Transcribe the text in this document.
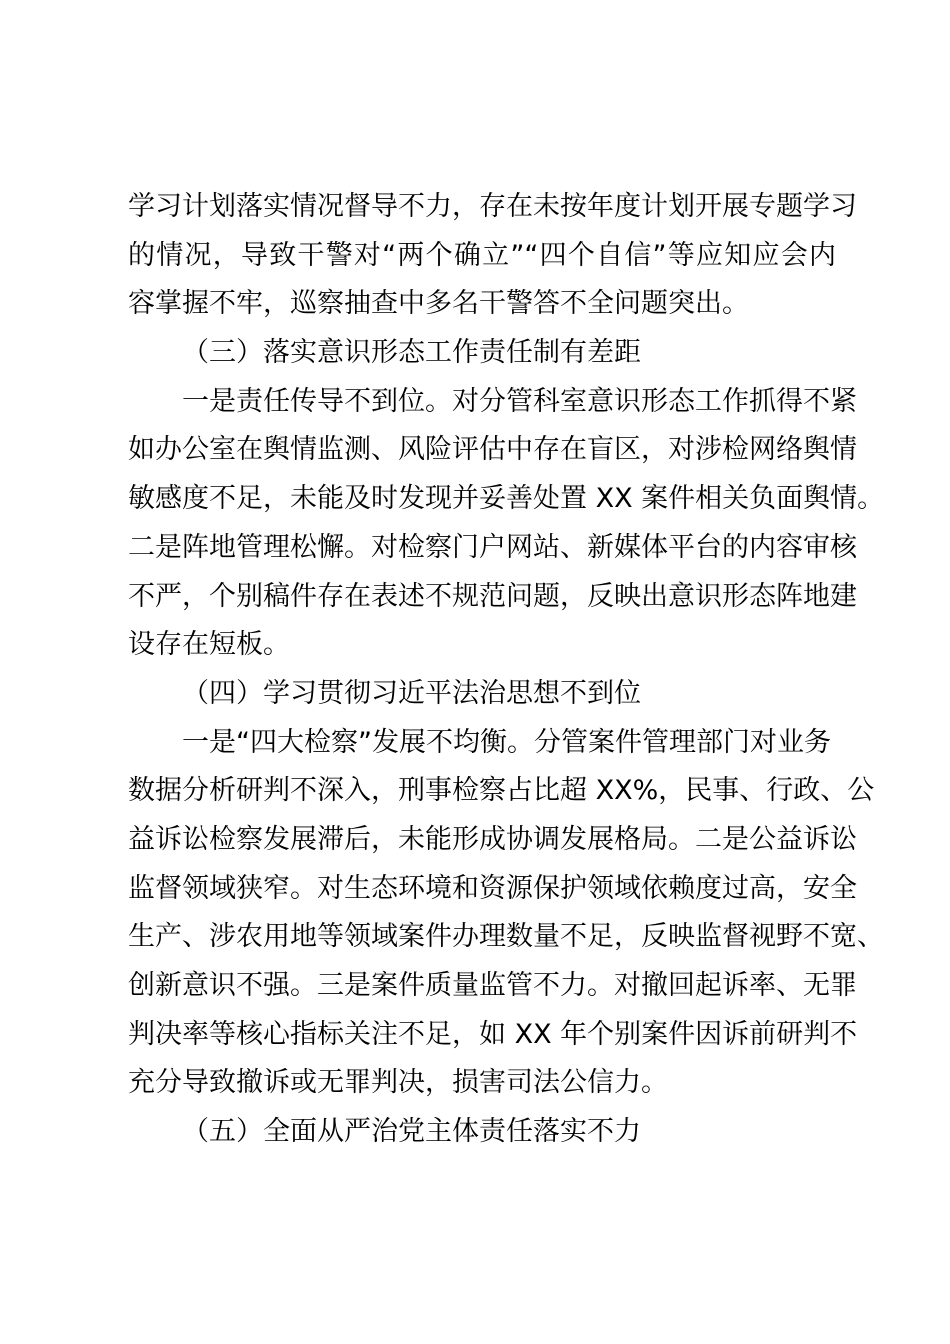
学习计划落实情况督导不力，存在未按年度计划开展专题学习
的情况，导致干警对“两个确立”“四个自信”等应知应会内
容掌握不牢，巡察抽查中多名干警答不全问题突出。
（三）落实意识形态工作责任制有差距
一是责任传导不到位。对分管科室意识形态工作抓得不紧
如办公室在舆情监测、风险评估中存在盲区，对涉检网络舆情
敏感度不足，未能及时发现并妥善处置 XX 案件相关负面舆情。
二是阵地管理松懈。对检察门户网站、新媒体平台的内容审核
不严，个别稿件存在表述不规范问题，反映出意识形态阵地建
设存在短板。
（四）学习贯彻习近平法治思想不到位
一是“四大检察”发展不均衡。分管案件管理部门对业务
数据分析研判不深入，刑事检察占比超 XX%，民事、行政、公
益诉讼检察发展滞后，未能形成协调发展格局。二是公益诉讼
监督领域狭窄。对生态环境和资源保护领域依赖度过高，安全
生产、涉农用地等领域案件办理数量不足，反映监督视野不宽、
创新意识不强。三是案件质量监管不力。对撤回起诉率、无罪
判决率等核心指标关注不足，如 XX 年个别案件因诉前研判不
充分导致撤诉或无罪判决，损害司法公信力。
（五）全面从严治党主体责任落实不力
